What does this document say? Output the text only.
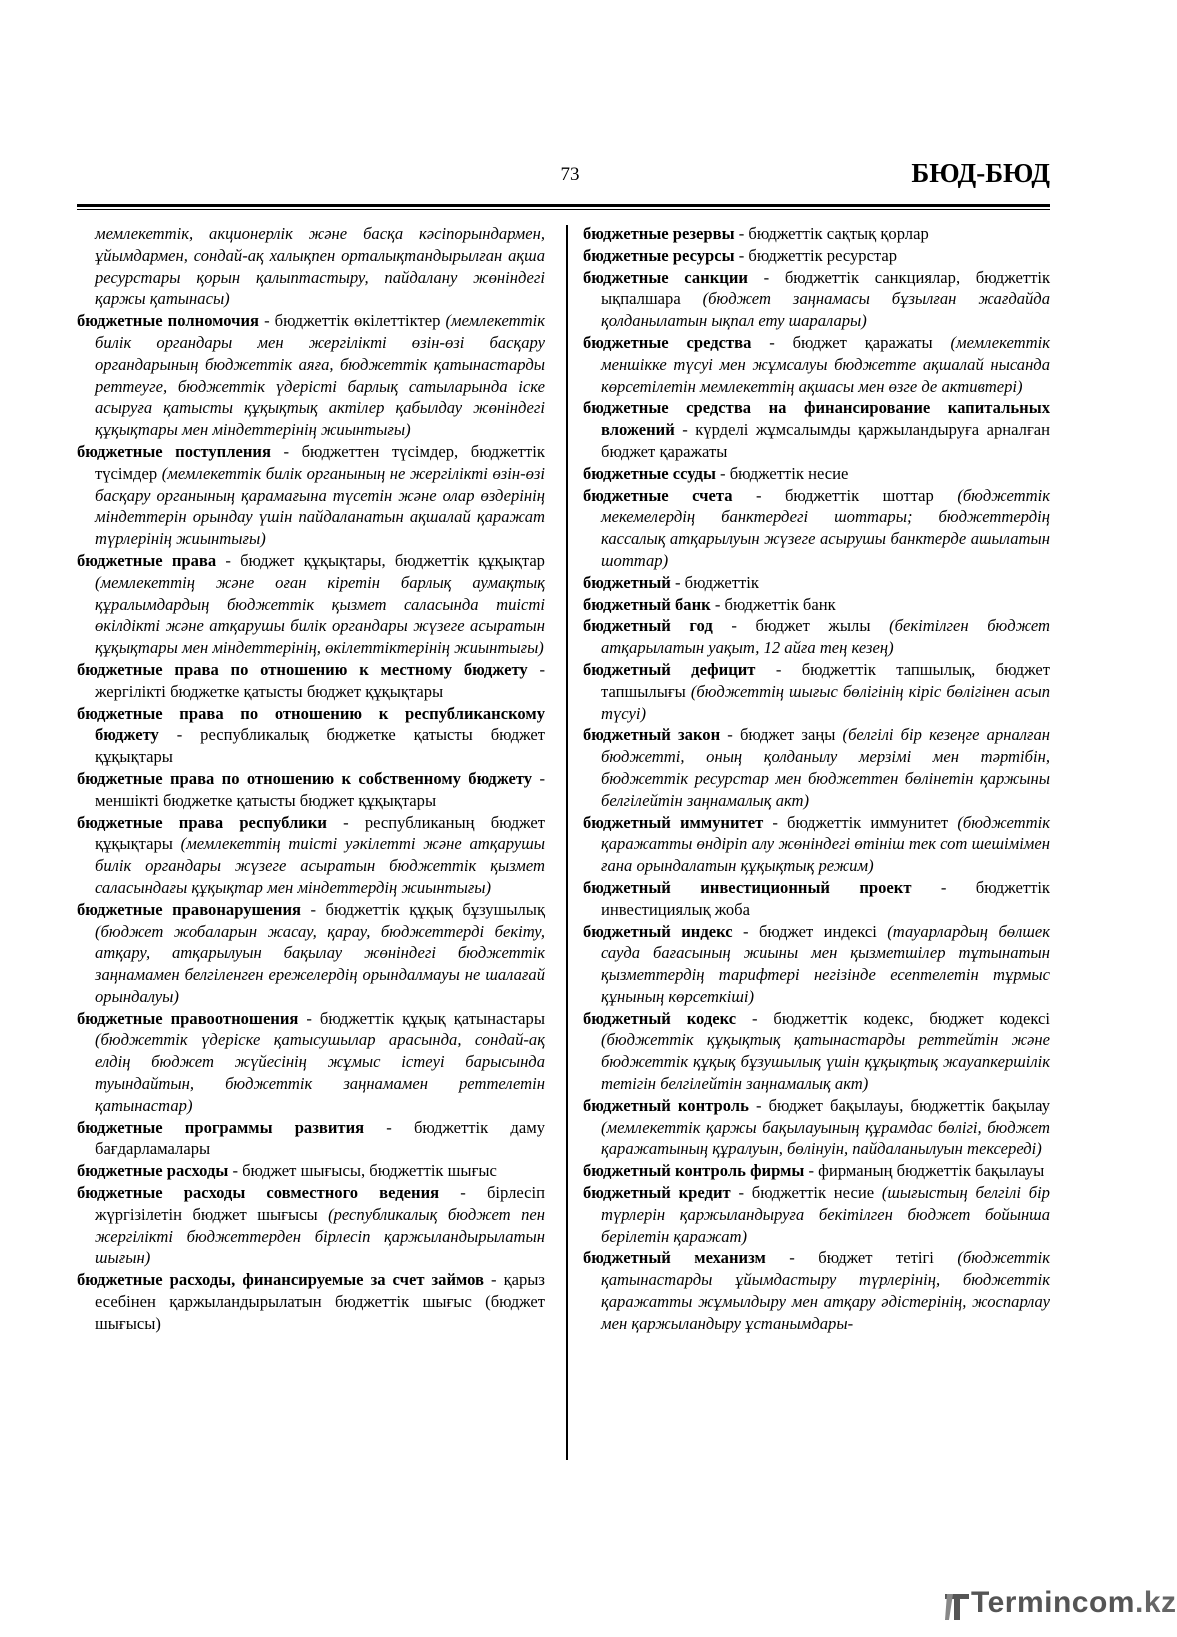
73	БЮД-БЮД

мемлекеттік, акционерлік және басқа кәсіпорындармен, ұйымдармен, сондай-ақ халықпен орталықтандырылған ақша ресурстары қорын қалыптастыру, пайдалану жөніндегі қаржы қатынасы)

бюджетные полномочия - бюджеттік өкілеттіктер (мемлекеттік билік органдары мен жергілікті өзін-өзі басқару органдарының бюджеттік аяға, бюджеттік қатынастарды реттеуге, бюджеттік үдерісті барлық сатыларында іске асыруға қатысты құқықтық актілер қабылдау жөніндегі құқықтары мен міндеттерінің жиынтығы)

бюджетные поступления - бюджеттен түсімдер, бюджеттік түсімдер (мемлекеттік билік органының не жергілікті өзін-өзі басқару органының қарамағына түсетін және олар өздерінің міндеттерін орындау үшін пайдаланатын ақшалай қаражат түрлерінің жиынтығы)

бюджетные права - бюджет құқықтары, бюджеттік құқықтар (мемлекеттің және оған кіретін барлық аумақтық құралымдардың бюджеттік қызмет саласында тиісті өкілдікті және атқарушы билік органдары жүзеге асыратын құқықтары мен міндеттерінің, өкілеттіктерінің жиынтығы)

бюджетные права по отношению к местному бюджету - жергілікті бюджетке қатысты бюджет құқықтары

бюджетные права по отношению к республиканскому бюджету - республикалық бюджетке қатысты бюджет құқықтары

бюджетные права по отношению к собственному бюджету - меншікті бюджетке қатысты бюджет құқықтары

бюджетные права республики - республиканың бюджет құқықтары (мемлекеттің тиісті уәкілетті және атқарушы билік органдары жүзеге асыратын бюджеттік қызмет саласындағы құқықтар мен міндеттердің жиынтығы)

бюджетные правонарушения - бюджеттік құқық бұзушылық (бюджет жобаларын жасау, қарау, бюджеттерді бекіту, атқару, атқарылуын бақылау жөніндегі бюджеттік заңнамамен белгіленген ережелердің орындалмауы не шалағай орындалуы)

бюджетные правоотношения - бюджеттік құқық қатынастары (бюджеттік үдеріске қатысушылар арасында, сондай-ақ елдің бюджет жүйесінің жұмыс істеуі барысында туындайтын, бюджеттік заңнамамен реттелетін қатынастар)

бюджетные программы развития - бюджеттік даму бағдарламалары

бюджетные расходы - бюджет шығысы, бюджеттік шығыс

бюджетные расходы совместного ведения - бірлесіп жүргізілетін бюджет шығысы (республикалық бюджет пен жергілікті бюджеттерден бірлесіп қаржыландырылатын шығын)

бюджетные расходы, финансируемые за счет займов - қарыз есебінен қаржыландырылатын бюджеттік шығыс (бюджет шығысы)

бюджетные резервы - бюджеттік сақтық қорлар

бюджетные ресурсы - бюджеттік ресурстар

бюджетные санкции - бюджеттік санкциялар, бюджеттік ықпалшара (бюджет заңнамасы бұзылған жағдайда қолданылатын ықпал ету шаралары)

бюджетные средства - бюджет қаражаты (мемлекеттік меншікке түсуі мен жұмсалуы бюджетте ақшалай нысанда көрсетілетін мемлекеттің ақшасы мен өзге де активтері)

бюджетные средства на финансирование капитальных вложений - күрделі жұмсалымды қаржыландыруға арналған бюджет қаражаты

бюджетные ссуды - бюджеттік несие

бюджетные счета - бюджеттік шоттар (бюджеттік мекемелердің банктердегі шоттары; бюджеттердің кассалық атқарылуын жүзеге асырушы банктерде ашылатын шоттар)

бюджетный - бюджеттік

бюджетный банк - бюджеттік банк

бюджетный год - бюджет жылы (бекітілген бюджет атқарылатын уақыт, 12 айға тең кезең)

бюджетный дефицит - бюджеттік тапшылық, бюджет тапшылығы (бюджеттің шығыс бөлігінің кіріс бөлігінен асып түсуі)

бюджетный закон - бюджет заңы (белгілі бір кезеңге арналған бюджетті, оның қолданылу мерзімі мен тәртібін, бюджеттік ресурстар мен бюджеттен бөлінетін қаржыны белгілейтін заңнамалық акт)

бюджетный иммунитет - бюджеттік иммунитет (бюджеттік қаражатты өндіріп алу жөніндегі өтініш тек сот шешімімен ғана орындалатын құқықтық режим)

бюджетный инвестиционный проект - бюджеттік инвестициялық жоба

бюджетный индекс - бюджет индексі (тауарлардың бөлшек сауда бағасының жиыны мен қызметшілер тұтынатын қызметтердің тарифтері негізінде есептелетін тұрмыс құнының көрсеткіші)

бюджетный кодекс - бюджеттік кодекс, бюджет кодексі (бюджеттік құқықтық қатынастарды реттейтін және бюджеттік құқық бұзушылық үшін құқықтық жауапкершілік тетігін белгілейтін заңнамалық акт)

бюджетный контроль - бюджет бақылауы, бюджеттік бақылау (мемлекеттік қаржы бақылауының құрамдас бөлігі, бюджет қаражатының құралуын, бөлінуін, пайдаланылуын тексереді)

бюджетный контроль фирмы - фирманың бюджеттік бақылауы

бюджетный кредит - бюджеттік несие (шығыстың белгілі бір түрлерін қаржыландыруға бекітілген бюджет бойынша берілетін қаражат)

бюджетный механизм - бюджет тетігі (бюджеттік қатынастарды ұйымдастыру түрлерінің, бюджеттік қаражатты жұмылдыру мен атқару әдістерінің, жоспарлау мен қаржыландыру ұстанымдары-

Termincom.kz
